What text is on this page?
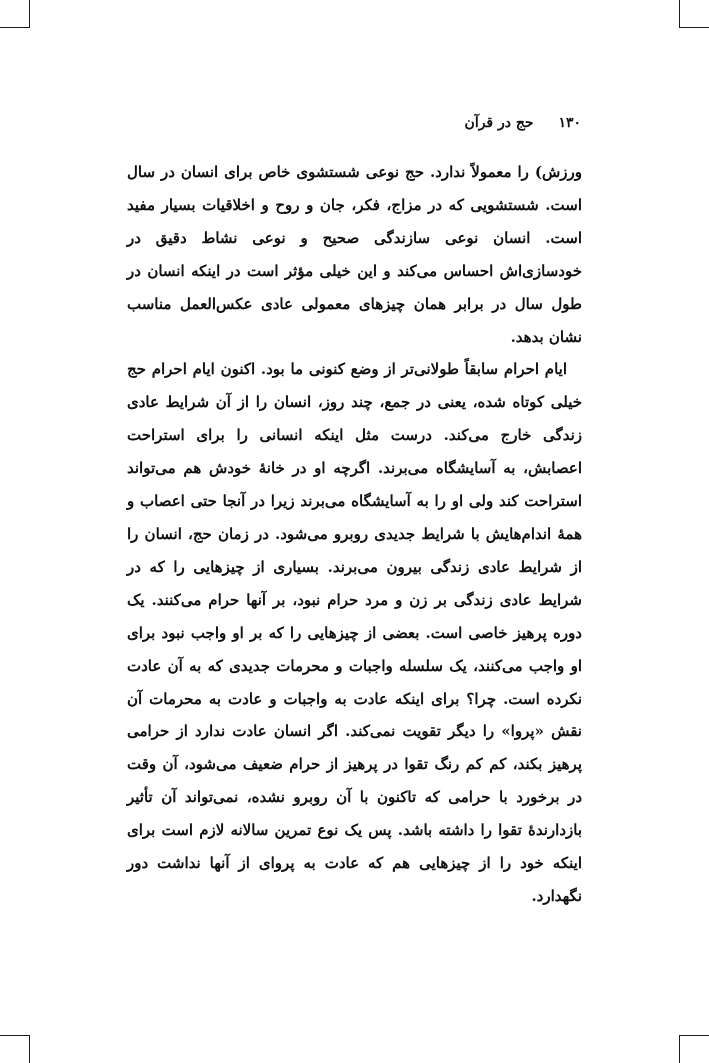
۱۳۰ حج در قرآن

ورزش) را معمولاً ندارد. حج نوعی شستشوی خاص برای انسان در سال است. شستشویی که در مزاج، فکر، جان و روح و اخلاقیات بسیار مفید است. انسان نوعی سازندگی صحیح و نوعی نشاط دقیق در خودسازی‌اش احساس می‌کند و این خیلی مؤثر است در اینکه انسان در طول سال در برابر همان چیزهای معمولی عادی عکس‌العمل مناسب نشان بدهد.

ایام احرام سابقاً طولانی‌تر از وضع کنونی ما بود. اکنون ایام احرام حج خیلی کوتاه شده، یعنی در جمع، چند روز، انسان را از آن شرایط عادی زندگی خارج می‌کند. درست مثل اینکه انسانی را برای استراحت اعصابش، به آسایشگاه می‌برند. اگرچه او در خانهٔ خودش هم می‌تواند استراحت کند ولی او را به آسایشگاه می‌برند زیرا در آنجا حتی اعصاب و همهٔ اندام‌هایش با شرایط جدیدی روبرو می‌شود. در زمان حج، انسان را از شرایط عادی زندگی بیرون می‌برند. بسیاری از چیزهایی را که در شرایط عادی زندگی بر زن و مرد حرام نبود، بر آنها حرام می‌کنند. یک دوره پرهیز خاصی است. بعضی از چیزهایی را که بر او واجب نبود برای او واجب می‌کنند، یک سلسله واجبات و محرمات جدیدی که به آن عادت نکرده است. چرا؟ برای اینکه عادت به واجبات و عادت به محرمات آن نقش «پروا» را دیگر تقویت نمی‌کند. اگر انسان عادت ندارد از حرامی پرهیز بکند، کم کم رنگ تقوا در پرهیز از حرام ضعیف می‌شود، آن وقت در برخورد با حرامی که تاکنون با آن روبرو نشده، نمی‌تواند آن تأثیر بازدارندهٔ تقوا را داشته باشد. پس یک نوع تمرین سالانه لازم است برای اینکه خود را از چیزهایی هم که عادت به پروای از آنها نداشت دور نگهدارد.
